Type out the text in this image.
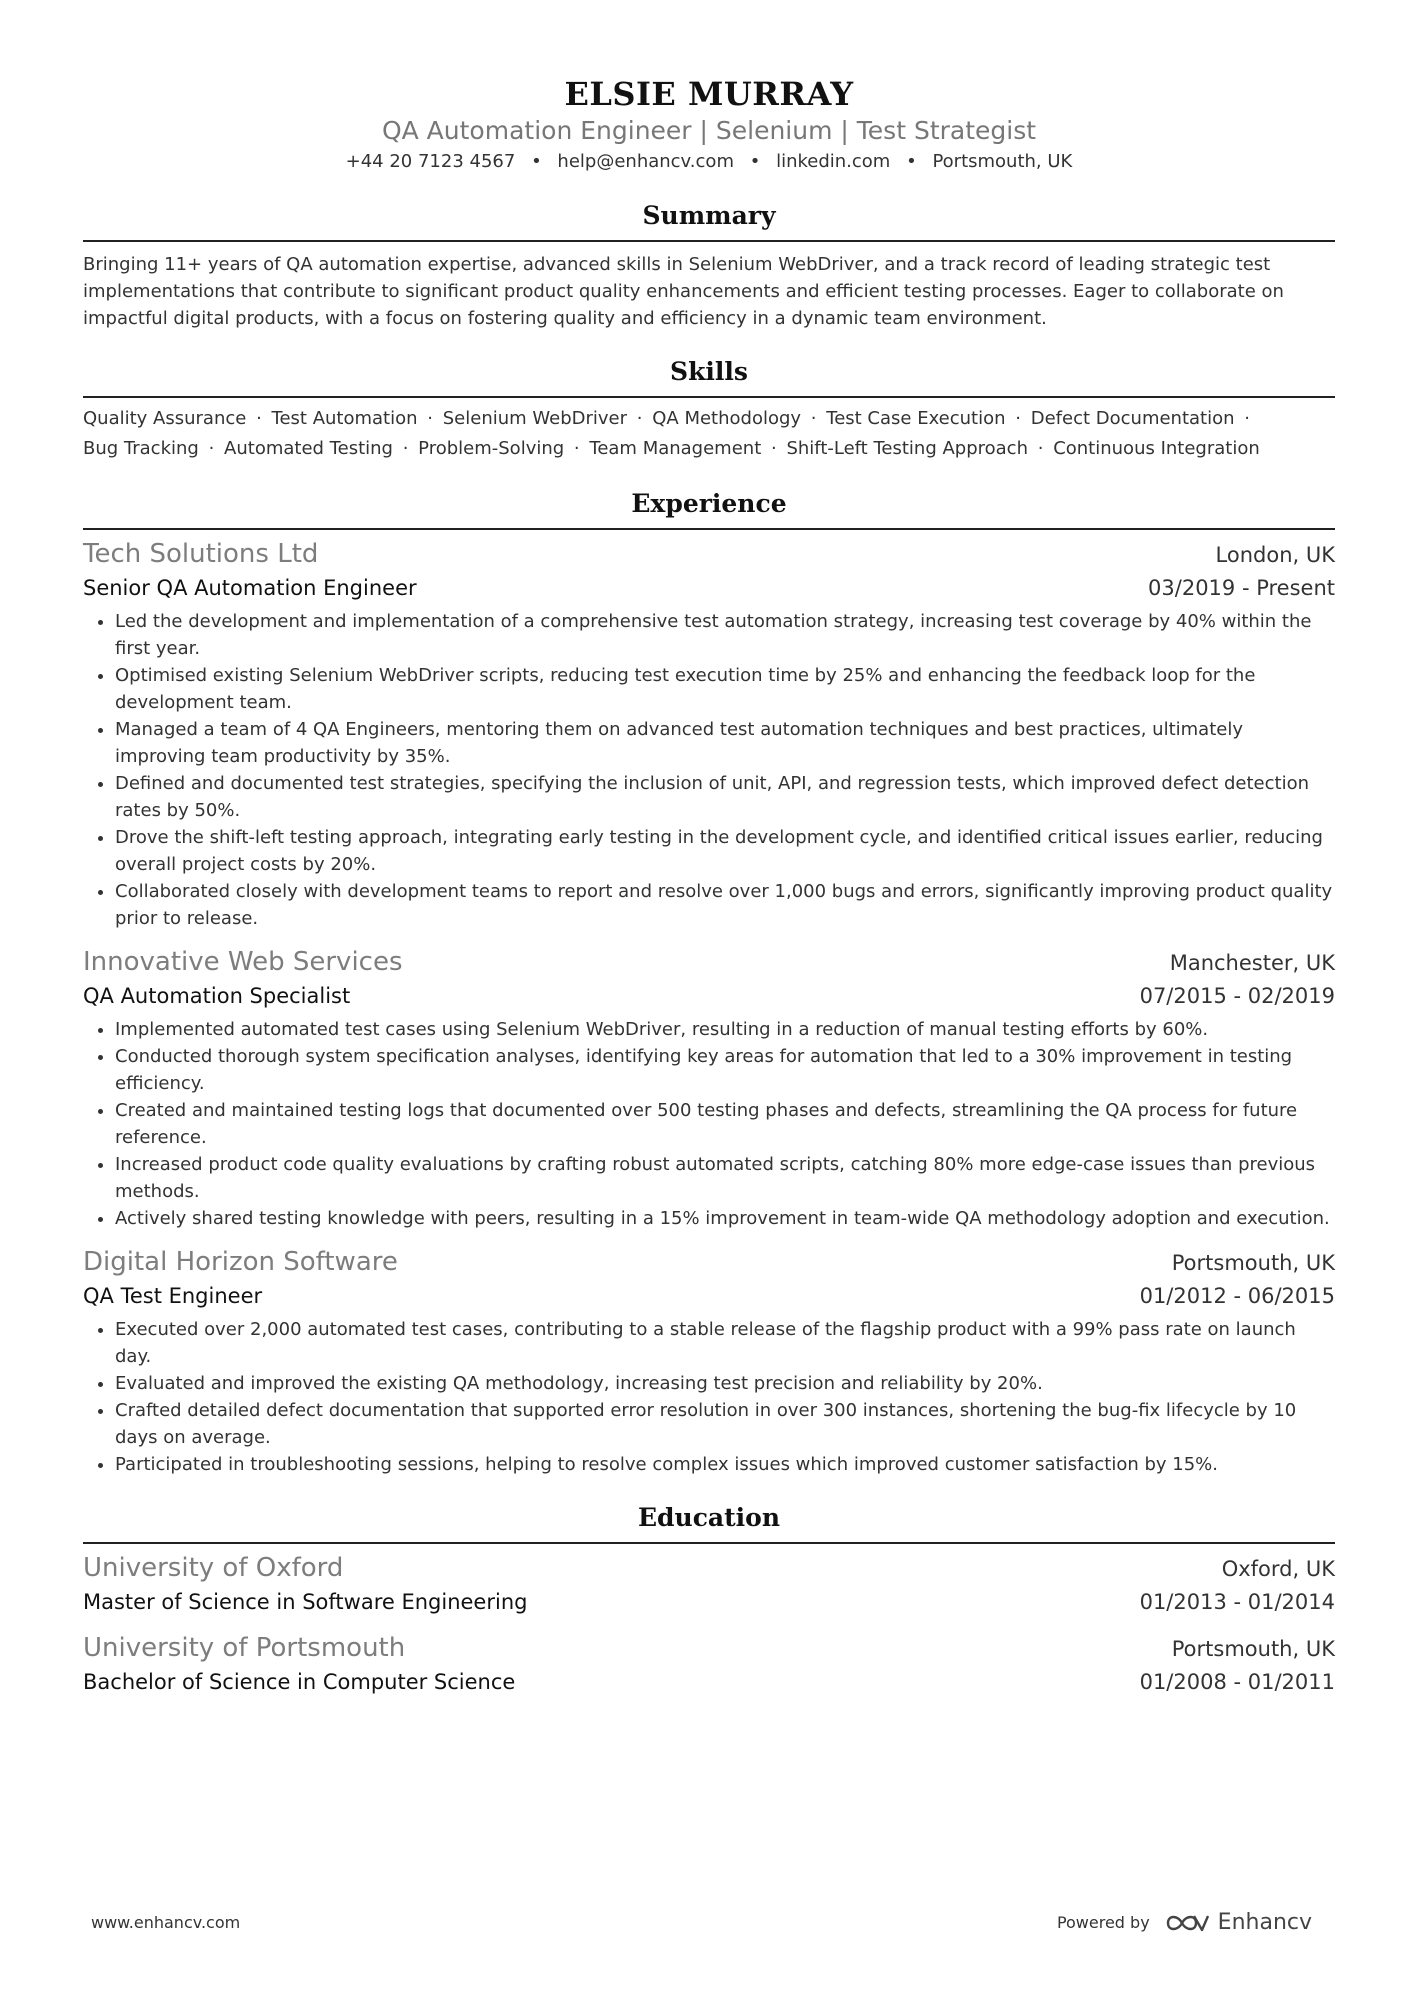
ELSIE MURRAY
QA Automation Engineer | Selenium | Test Strategist
+44 20 7123 4567 • help@enhancv.com • linkedin.com • Portsmouth, UK
Summary
Bringing 11+ years of QA automation expertise, advanced skills in Selenium WebDriver, and a track record of leading strategic test implementations that contribute to significant product quality enhancements and efficient testing processes. Eager to collaborate on impactful digital products, with a focus on fostering quality and efficiency in a dynamic team environment.
Skills
Quality Assurance · Test Automation · Selenium WebDriver · QA Methodology · Test Case Execution · Defect Documentation · Bug Tracking · Automated Testing · Problem-Solving · Team Management · Shift-Left Testing Approach · Continuous Integration
Experience
Tech Solutions Ltd	London, UK
Senior QA Automation Engineer	03/2019 - Present
• Led the development and implementation of a comprehensive test automation strategy, increasing test coverage by 40% within the first year.
• Optimised existing Selenium WebDriver scripts, reducing test execution time by 25% and enhancing the feedback loop for the development team.
• Managed a team of 4 QA Engineers, mentoring them on advanced test automation techniques and best practices, ultimately improving team productivity by 35%.
• Defined and documented test strategies, specifying the inclusion of unit, API, and regression tests, which improved defect detection rates by 50%.
• Drove the shift-left testing approach, integrating early testing in the development cycle, and identified critical issues earlier, reducing overall project costs by 20%.
• Collaborated closely with development teams to report and resolve over 1,000 bugs and errors, significantly improving product quality prior to release.
Innovative Web Services	Manchester, UK
QA Automation Specialist	07/2015 - 02/2019
• Implemented automated test cases using Selenium WebDriver, resulting in a reduction of manual testing efforts by 60%.
• Conducted thorough system specification analyses, identifying key areas for automation that led to a 30% improvement in testing efficiency.
• Created and maintained testing logs that documented over 500 testing phases and defects, streamlining the QA process for future reference.
• Increased product code quality evaluations by crafting robust automated scripts, catching 80% more edge-case issues than previous methods.
• Actively shared testing knowledge with peers, resulting in a 15% improvement in team-wide QA methodology adoption and execution.
Digital Horizon Software	Portsmouth, UK
QA Test Engineer	01/2012 - 06/2015
• Executed over 2,000 automated test cases, contributing to a stable release of the flagship product with a 99% pass rate on launch day.
• Evaluated and improved the existing QA methodology, increasing test precision and reliability by 20%.
• Crafted detailed defect documentation that supported error resolution in over 300 instances, shortening the bug-fix lifecycle by 10 days on average.
• Participated in troubleshooting sessions, helping to resolve complex issues which improved customer satisfaction by 15%.
Education
University of Oxford	Oxford, UK
Master of Science in Software Engineering	01/2013 - 01/2014
University of Portsmouth	Portsmouth, UK
Bachelor of Science in Computer Science	01/2008 - 01/2011
www.enhancv.com	Powered by	Enhancv
